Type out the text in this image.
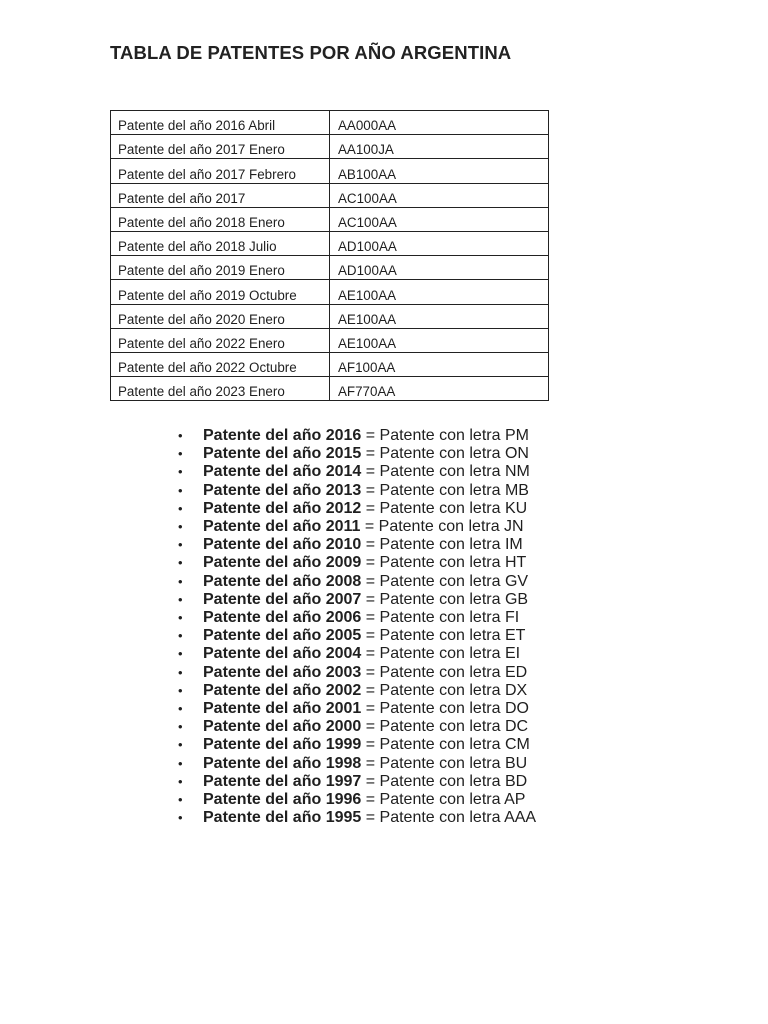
TABLA DE PATENTES POR AÑO ARGENTINA
Patente del año 2016 Abril	AA000AA
Patente del año 2017 Enero	AA100JA
Patente del año 2017 Febrero	AB100AA
Patente del año 2017	AC100AA
Patente del año 2018 Enero	AC100AA
Patente del año 2018 Julio	AD100AA
Patente del año 2019 Enero	AD100AA
Patente del año 2019 Octubre	AE100AA
Patente del año 2020 Enero	AE100AA
Patente del año 2022 Enero	AE100AA
Patente del año 2022 Octubre	AF100AA
Patente del año 2023 Enero	AF770AA
• Patente del año 2016 = Patente con letra PM
• Patente del año 2015 = Patente con letra ON
• Patente del año 2014 = Patente con letra NM
• Patente del año 2013 = Patente con letra MB
• Patente del año 2012 = Patente con letra KU
• Patente del año 2011 = Patente con letra JN
• Patente del año 2010 = Patente con letra IM
• Patente del año 2009 = Patente con letra HT
• Patente del año 2008 = Patente con letra GV
• Patente del año 2007 = Patente con letra GB
• Patente del año 2006 = Patente con letra FI
• Patente del año 2005 = Patente con letra ET
• Patente del año 2004 = Patente con letra EI
• Patente del año 2003 = Patente con letra ED
• Patente del año 2002 = Patente con letra DX
• Patente del año 2001 = Patente con letra DO
• Patente del año 2000 = Patente con letra DC
• Patente del año 1999 = Patente con letra CM
• Patente del año 1998 = Patente con letra BU
• Patente del año 1997 = Patente con letra BD
• Patente del año 1996 = Patente con letra AP
• Patente del año 1995 = Patente con letra AAA
